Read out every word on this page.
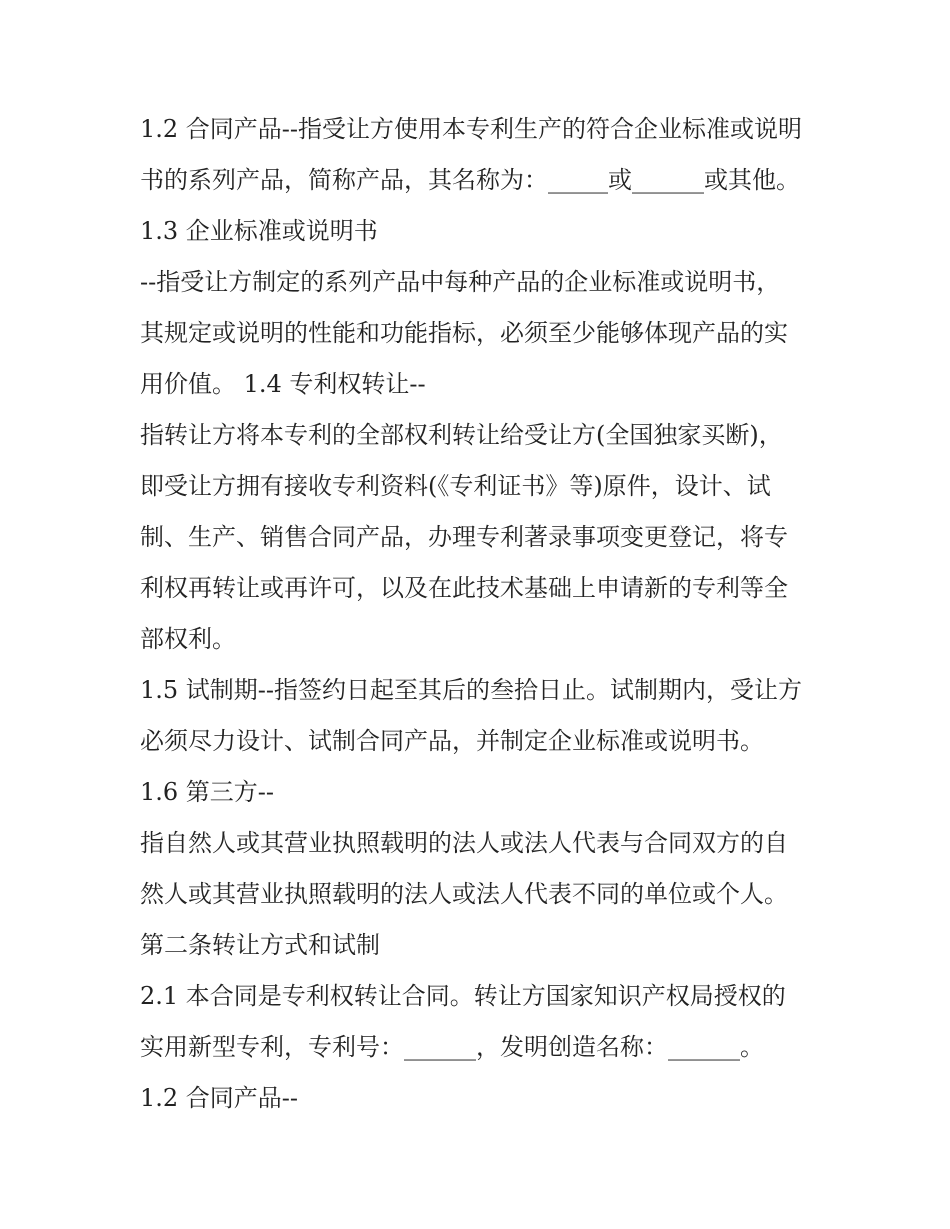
1.2 合同产品--指受让方使用本专利生产的符合企业标准或说明
书的系列产品，简称产品，其名称为：_____或______或其他。
1.3 企业标准或说明书
--指受让方制定的系列产品中每种产品的企业标准或说明书，
其规定或说明的性能和功能指标，必须至少能够体现产品的实
用价值。 1.4 专利权转让--
指转让方将本专利的全部权利转让给受让方(全国独家买断)，
即受让方拥有接收专利资料(《专利证书》等)原件，设计、试
制、生产、销售合同产品，办理专利著录事项变更登记，将专
利权再转让或再许可，以及在此技术基础上申请新的专利等全
部权利。
1.5 试制期--指签约日起至其后的叁拾日止。试制期内，受让方
必须尽力设计、试制合同产品，并制定企业标准或说明书。
1.6 第三方--
指自然人或其营业执照载明的法人或法人代表与合同双方的自
然人或其营业执照载明的法人或法人代表不同的单位或个人。
第二条转让方式和试制
2.1 本合同是专利权转让合同。转让方国家知识产权局授权的
实用新型专利，专利号：______，发明创造名称：______。
1.2 合同产品--
